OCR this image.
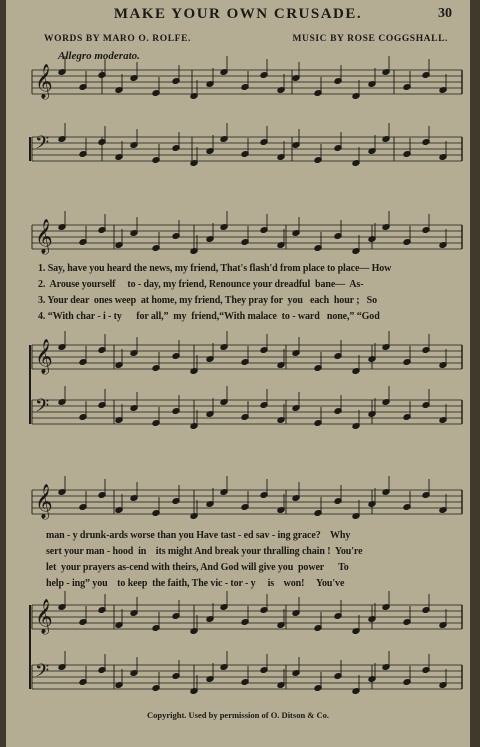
MAKE YOUR OWN CRUSADE.	30
WORDS BY MARO O. ROLFE.	MUSIC BY ROSE COGGSHALL.
Allegro moderato.
𝄞
𝄢
𝄞
𝄞
𝄢
𝄞
𝄞
𝄢
1. Say, have you heard the news, my friend, That's flash'd from place to place— How
2.  Arouse yourself     to - day, my friend, Renounce your dreadful  bane—  As-
3. Your dear  ones weep  at home, my friend, They pray for  you   each  hour ;   So
4. “With char - i - ty      for all,”  my  friend,“With malace  to - ward   none,” “God
man - y drunk-ards worse than you Have tast - ed sav - ing grace?    Why
sert your man - hood  in    its might And break your thralling chain !  You're
let  your prayers as-cend with theirs, And God will give you  power      To
help - ing” you    to keep  the faith, The vic - tor - y     is    won!     You've
Copyright. Used by permission of O. Ditson & Co.
